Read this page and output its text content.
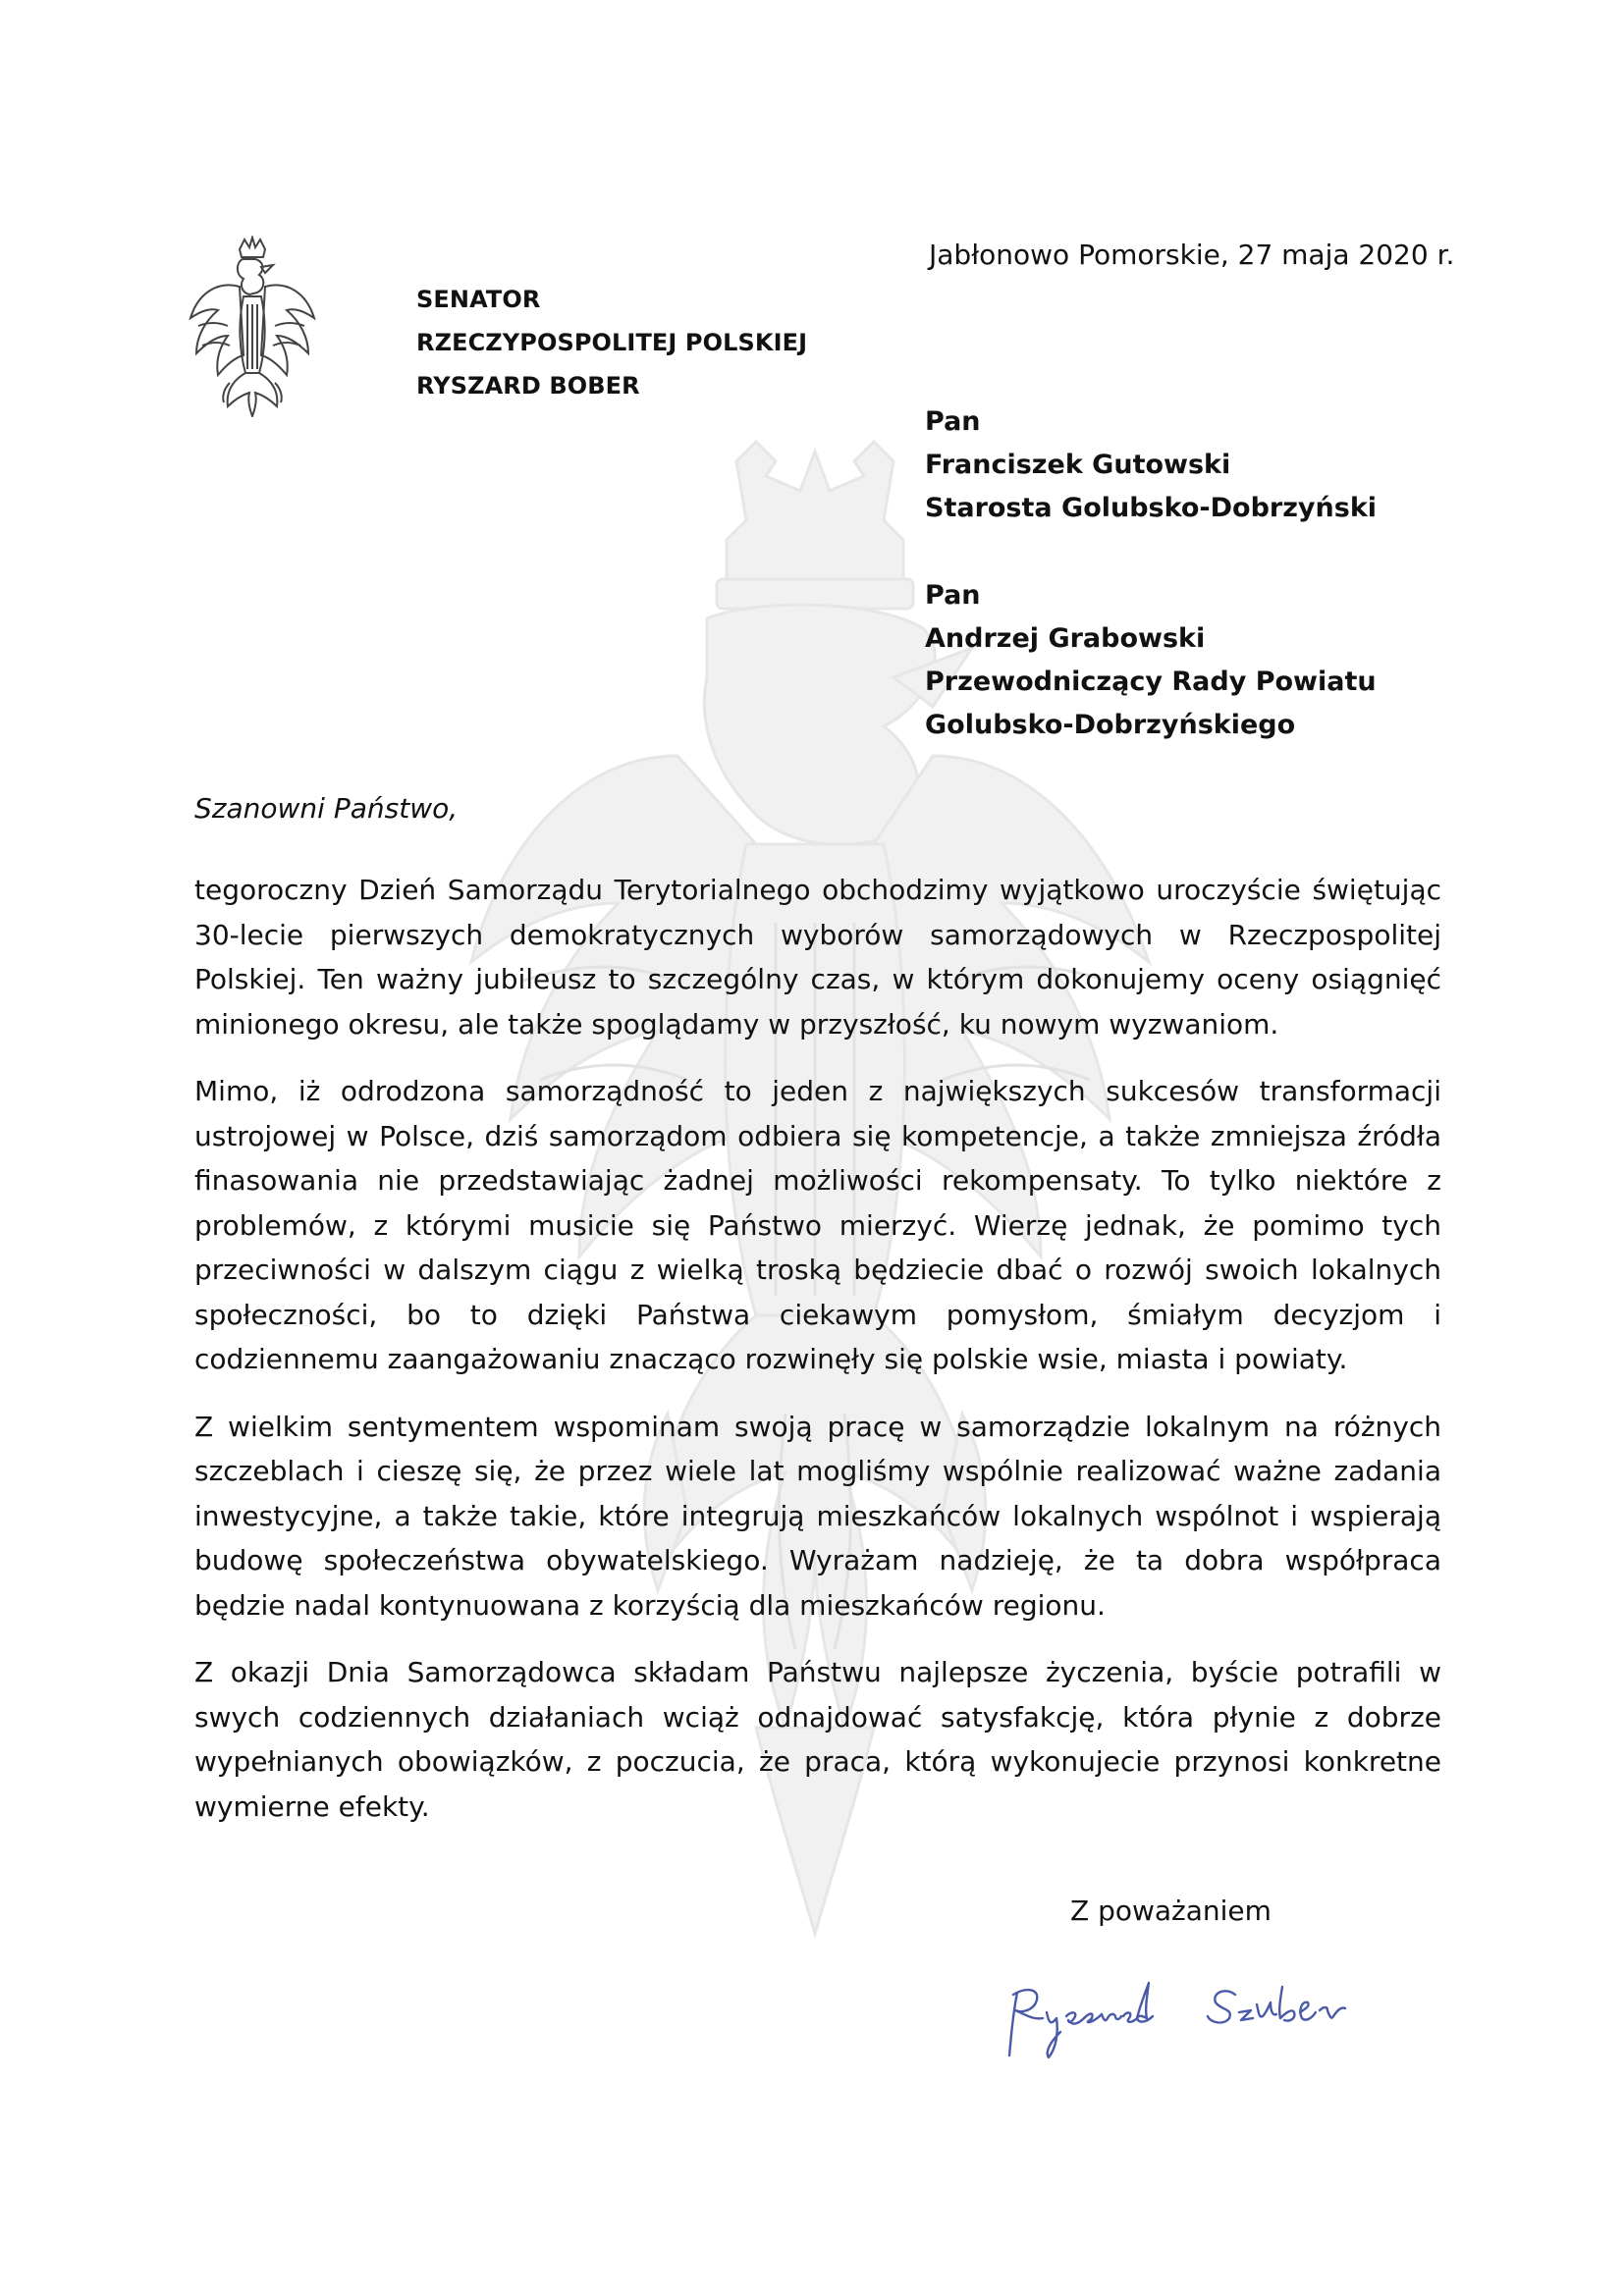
SENATOR
RZECZYPOSPOLITEJ POLSKIEJ
RYSZARD BOBER
Jabłonowo Pomorskie, 27 maja 2020 r.
Pan
Franciszek Gutowski
Starosta Golubsko-Dobrzyński
Pan
Andrzej Grabowski
Przewodniczący Rady Powiatu
Golubsko-Dobrzyńskiego
Szanowni Państwo,

tegoroczny Dzień Samorządu Terytorialnego obchodzimy wyjątkowo uroczyście świętując 30-lecie pierwszych demokratycznych wyborów samorządowych w Rzeczpospolitej Polskiej. Ten ważny jubileusz to szczególny czas, w którym dokonujemy oceny osiągnięć minionego okresu, ale także spoglądamy w przyszłość, ku nowym wyzwaniom.

Mimo, iż odrodzona samorządność to jeden z największych sukcesów transformacji ustrojowej w Polsce, dziś samorządom odbiera się kompetencje, a także zmniejsza źródła finasowania nie przedstawiając żadnej możliwości rekompensaty. To tylko niektóre z problemów, z którymi musicie się Państwo mierzyć. Wierzę jednak, że pomimo tych przeciwności w dalszym ciągu z wielką troską będziecie dbać o rozwój swoich lokalnych społeczności, bo to dzięki Państwa ciekawym pomysłom, śmiałym decyzjom i codziennemu zaangażowaniu znacząco rozwinęły się polskie wsie, miasta i powiaty.

Z wielkim sentymentem wspominam swoją pracę w samorządzie lokalnym na różnych szczeblach i cieszę się, że przez wiele lat mogliśmy wspólnie realizować ważne zadania inwestycyjne, a także takie, które integrują mieszkańców lokalnych wspólnot i wspierają budowę społeczeństwa obywatelskiego. Wyrażam nadzieję, że ta dobra współpraca będzie nadal kontynuowana z korzyścią dla mieszkańców regionu.

Z okazji Dnia Samorządowca składam Państwu najlepsze życzenia, byście potrafili w swych codziennych działaniach wciąż odnajdować satysfakcję, która płynie z dobrze wypełnianych obowiązków, z poczucia, że praca, którą wykonujecie przynosi konkretne wymierne efekty.

Z poważaniem
